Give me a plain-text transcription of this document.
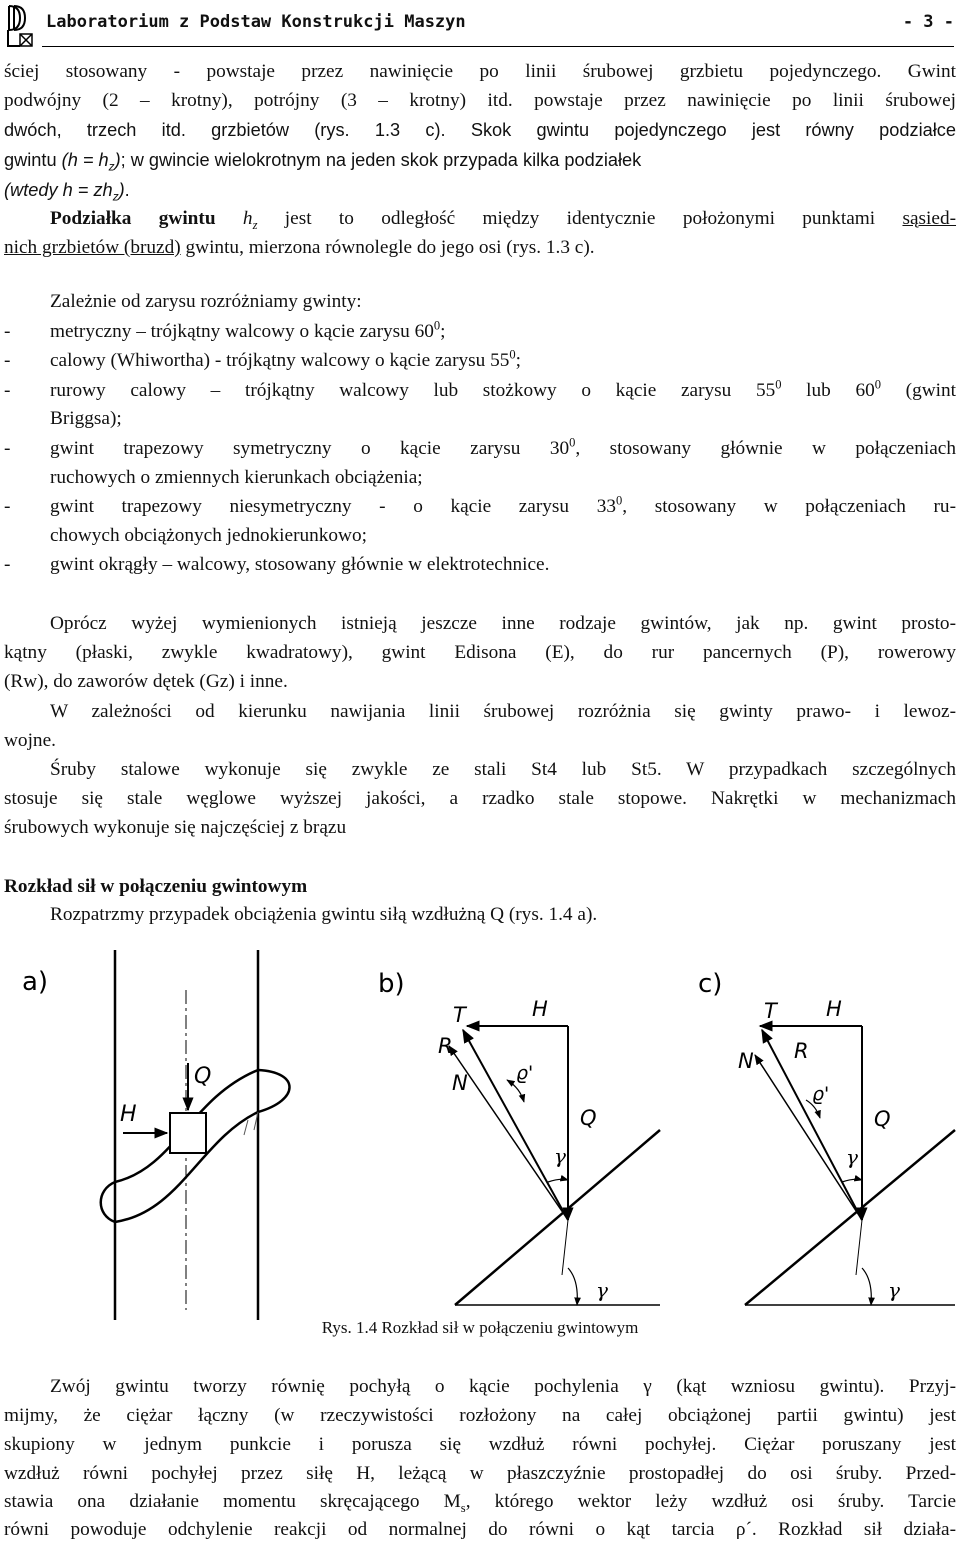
Laboratorium z Podstaw Konstrukcji Maszyn	- 3 -
ściej stosowany - powstaje przez nawinięcie po linii śrubowej grzbietu pojedynczego. Gwint
podwójny (2 – krotny), potrójny (3 – krotny) itd. powstaje przez nawinięcie po linii śrubowej
dwóch, trzech itd. grzbietów (rys. 1.3 c). Skok gwintu pojedynczego jest równy podziałce
gwintu $(h = h_z)$; w gwincie wielokrotnym na jeden skok przypada kilka podziałek
(wtedy $h = zh_z$).
Podziałka gwintu $h_z$ jest to odległość między identycznie położonymi punktami sąsied-
nich grzbietów (bruzd) gwintu, mierzona równolegle do jego osi (rys. 1.3 c).
Zależnie od zarysu rozróżniamy gwinty:
- metryczny – trójkątny walcowy o kącie zarysu $60^0$;
- calowy (Whiwortha) - trójkątny walcowy o kącie zarysu $55^0$;
- rurowy calowy – trójkątny walcowy lub stożkowy o kącie zarysu $55^0$ lub $60^0$ (gwint
Briggsa);
- gwint trapezowy symetryczny o kącie zarysu $30^0$, stosowany głównie w połączeniach
ruchowych o zmiennych kierunkach obciążenia;
- gwint trapezowy niesymetryczny - o kącie zarysu $33^0$, stosowany w połączeniach ru-
chowych obciążonych jednokierunkowo;
- gwint okrągły – walcowy, stosowany głównie w elektrotechnice.
Oprócz wyżej wymienionych istnieją jeszcze inne rodzaje gwintów, jak np. gwint prosto-
kątny (płaski, zwykle kwadratowy), gwint Edisona (E), do rur pancernych (P), rowerowy
(Rw), do zaworów dętek (Gz) i inne.
W zależności od kierunku nawijania linii śrubowej rozróżnia się gwinty prawo- i lewoz-
wojne.
Śruby stalowe wykonuje się zwykle ze stali St4 lub St5. W przypadkach szczególnych
stosuje się stale węglowe wyższej jakości, a rzadko stale stopowe. Nakrętki w mechanizmach
śrubowych wykonuje się najczęściej z brązu
Rozkład sił w połączeniu gwintowym
Rozpatrzmy przypadek obciążenia gwintu siłą wzdłużną Q (rys. 1.4 a).
a)
Q
H
b)
T	H
R
N	ϱ'
Q
γ
γ
c)
T H
N R
ϱ'
Q
γ
γ
Rys. 1.4 Rozkład sił w połączeniu gwintowym
Zwój gwintu tworzy równię pochyłą o kącie pochylenia γ (kąt wzniosu gwintu). Przyj-
mijmy, że ciężar łączny (w rzeczywistości rozłożony na całej obciążonej partii gwintu) jest
skupiony w jednym punkcie i porusza się wzdłuż równi pochyłej. Ciężar poruszany jest
wzdłuż równi pochyłej przez siłę H, leżącą w płaszczyźnie prostopadłej do osi śruby. Przed-
stawia ona działanie momentu skręcającego $M_s$, którego wektor leży wzdłuż osi śruby. Tarcie
równi powoduje odchylenie reakcji od normalnej do równi o kąt tarcia ρ´. Rozkład sił działa-
